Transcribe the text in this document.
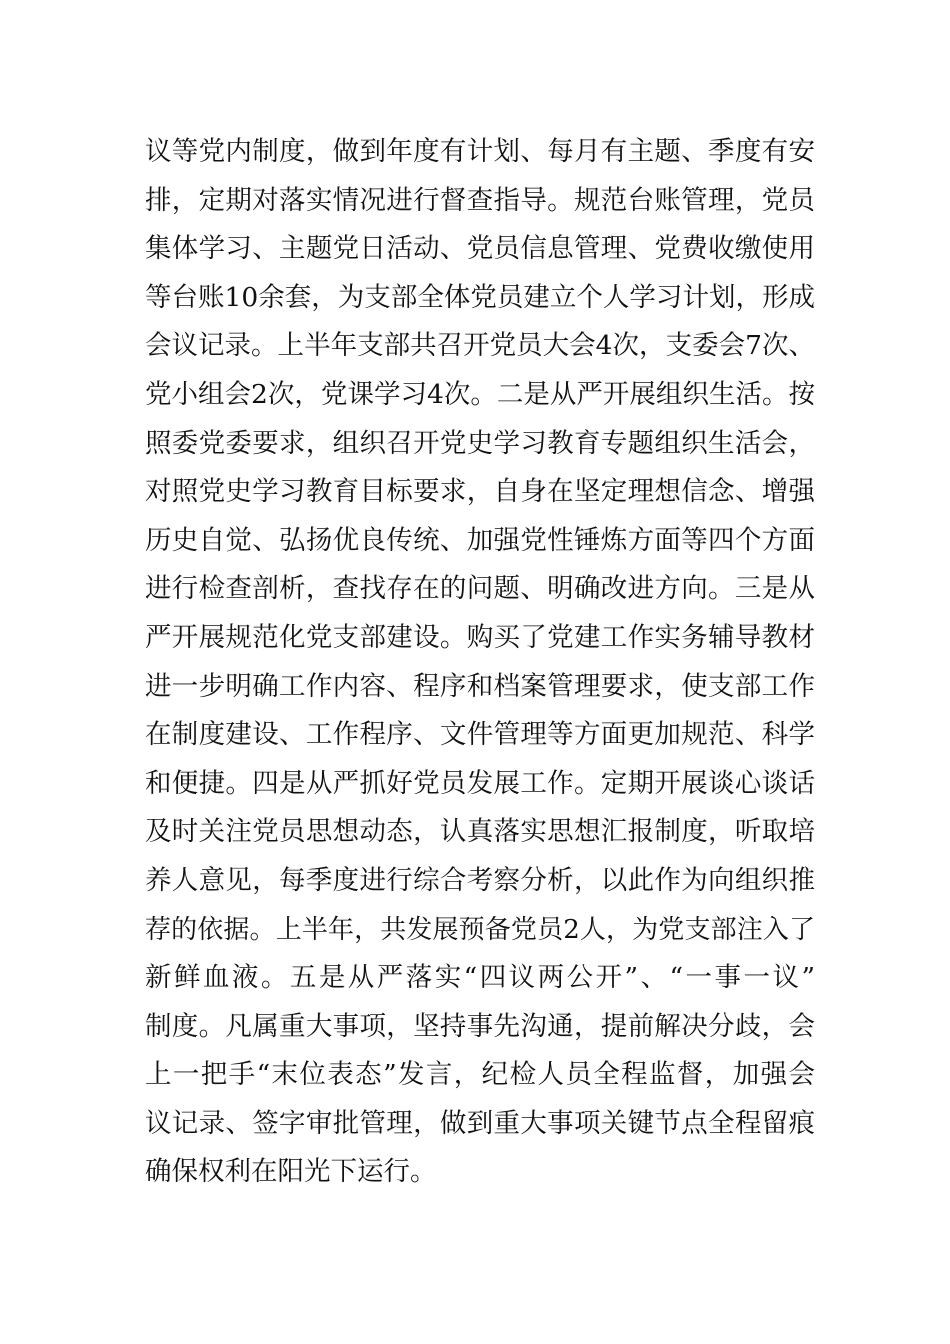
议等党内制度，做到年度有计划、每月有主题、季度有安
排，定期对落实情况进行督查指导。规范台账管理，党员
集体学习、主题党日活动、党员信息管理、党费收缴使用
等台账10余套，为支部全体党员建立个人学习计划，形成
会议记录。上半年支部共召开党员大会4次，支委会7次、
党小组会2次，党课学习4次。二是从严开展组织生活。按
照委党委要求，组织召开党史学习教育专题组织生活会，
对照党史学习教育目标要求，自身在坚定理想信念、增强
历史自觉、弘扬优良传统、加强党性锤炼方面等四个方面
进行检查剖析，查找存在的问题、明确改进方向。三是从
严开展规范化党支部建设。购买了党建工作实务辅导教材
进一步明确工作内容、程序和档案管理要求，使支部工作
在制度建设、工作程序、文件管理等方面更加规范、科学
和便捷。四是从严抓好党员发展工作。定期开展谈心谈话
及时关注党员思想动态，认真落实思想汇报制度，听取培
养人意见，每季度进行综合考察分析，以此作为向组织推
荐的依据。上半年，共发展预备党员2人，为党支部注入了
新鲜血液。五是从严落实“四议两公开”、“一事一议”
制度。凡属重大事项，坚持事先沟通，提前解决分歧，会
上一把手“末位表态”发言，纪检人员全程监督，加强会
议记录、签字审批管理，做到重大事项关键节点全程留痕
确保权利在阳光下运行。
